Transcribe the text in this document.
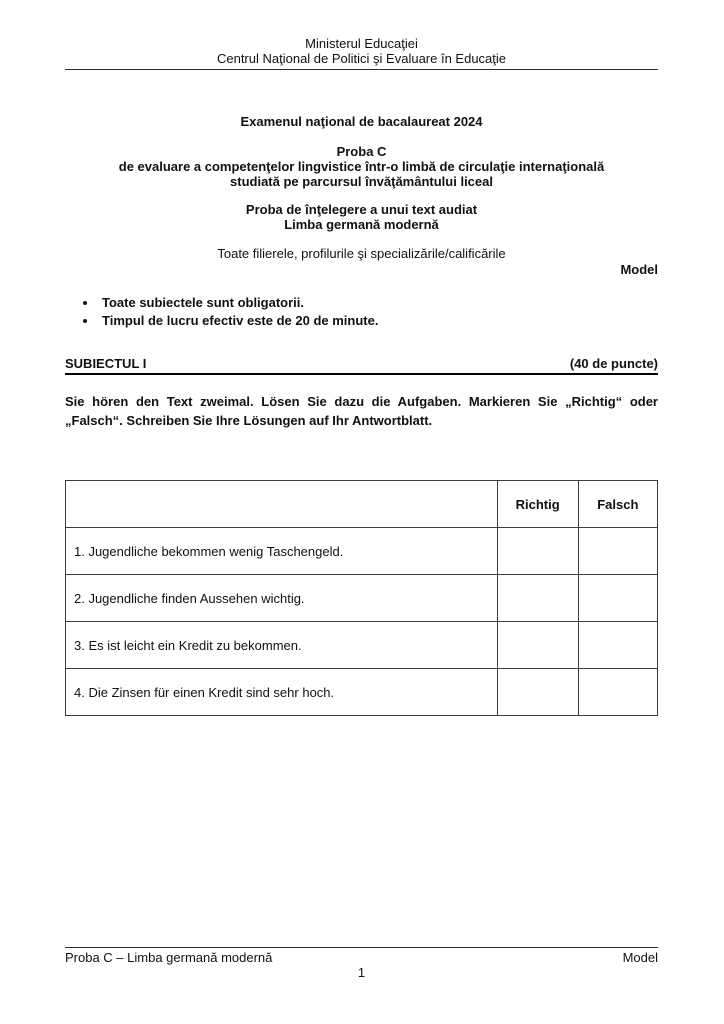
Ministerul Educaţiei
Centrul Naţional de Politici şi Evaluare în Educaţie
Examenul naţional de bacalaureat 2024
Proba C
de evaluare a competenţelor lingvistice într-o limbă de circulaţie internaţională
studiată pe parcursul învăţământului liceal
Proba de înţelegere a unui text audiat
Limba germană modernă
Toate filierele, profilurile şi specializările/calificările
Model
• Toate subiectele sunt obligatorii.
• Timpul de lucru efectiv este de 20 de minute.
SUBIECTUL I	(40 de puncte)

Sie hören den Text zweimal. Lösen Sie dazu die Aufgaben. Markieren Sie „Richtig“ oder „Falsch“. Schreiben Sie Ihre Lösungen auf Ihr Antwortblatt.

	Richtig	Falsch
1. Jugendliche bekommen wenig Taschengeld.		
2. Jugendliche finden Aussehen wichtig.		
3. Es ist leicht ein Kredit zu bekommen.		
4. Die Zinsen für einen Kredit sind sehr hoch.		
Proba C – Limba germană modernă	Model
1
